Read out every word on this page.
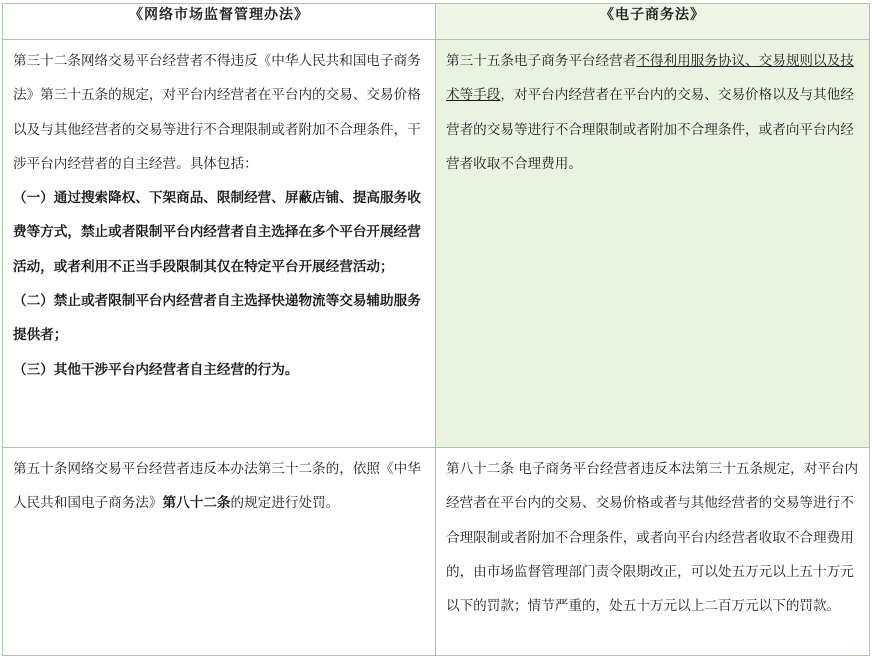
《网络市场监督管理办法》	《电子商务法》

第三十二条网络交易平台经营者不得违反《中华人民共和国电子商务法》第三十五条的规定，对平台内经营者在平台内的交易、交易价格以及与其他经营者的交易等进行不合理限制或者附加不合理条件，干涉平台内经营者的自主经营。具体包括：

（一）通过搜索降权、下架商品、限制经营、屏蔽店铺、提高服务收费等方式，禁止或者限制平台内经营者自主选择在多个平台开展经营活动，或者利用不正当手段限制其仅在特定平台开展经营活动；

（二）禁止或者限制平台内经营者自主选择快递物流等交易辅助服务提供者；

（三）其他干涉平台内经营者自主经营的行为。	第三十五条电子商务平台经营者不得利用服务协议、交易规则以及技术等手段，对平台内经营者在平台内的交易、交易价格以及与其他经营者的交易等进行不合理限制或者附加不合理条件，或者向平台内经营者收取不合理费用。

第五十条网络交易平台经营者违反本办法第三十二条的，依照《中华人民共和国电子商务法》第八十二条的规定进行处罚。	第八十二条 电子商务平台经营者违反本法第三十五条规定，对平台内经营者在平台内的交易、交易价格或者与其他经营者的交易等进行不合理限制或者附加不合理条件，或者向平台内经营者收取不合理费用的，由市场监督管理部门责令限期改正，可以处五万元以上五十万元以下的罚款；情节严重的，处五十万元以上二百万元以下的罚款。
